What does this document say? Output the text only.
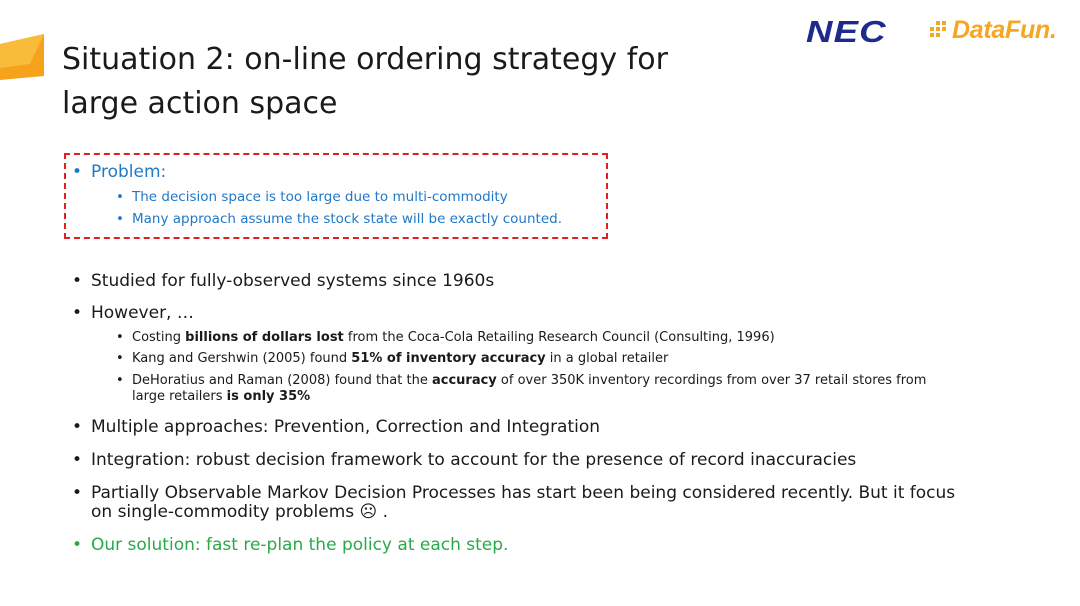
Situation 2: on-line ordering strategy for
large action space
NEC	DataFun.
• Problem:
• The decision space is too large due to multi-commodity
• Many approach assume the stock state will be exactly counted.
• Studied for fully-observed systems since 1960s
• However, …
• Costing billions of dollars lost from the Coca-Cola Retailing Research Council (Consulting, 1996)
• Kang and Gershwin (2005) found 51% of inventory accuracy in a global retailer
• DeHoratius and Raman (2008) found that the accuracy of over 350K inventory recordings from over 37 retail stores from
large retailers is only 35%
• Multiple approaches: Prevention, Correction and Integration
• Integration: robust decision framework to account for the presence of record inaccuracies
• Partially Observable Markov Decision Processes has start been being considered recently. But it focus
on single-commodity problems ☹ .
• Our solution: fast re-plan the policy at each step.
